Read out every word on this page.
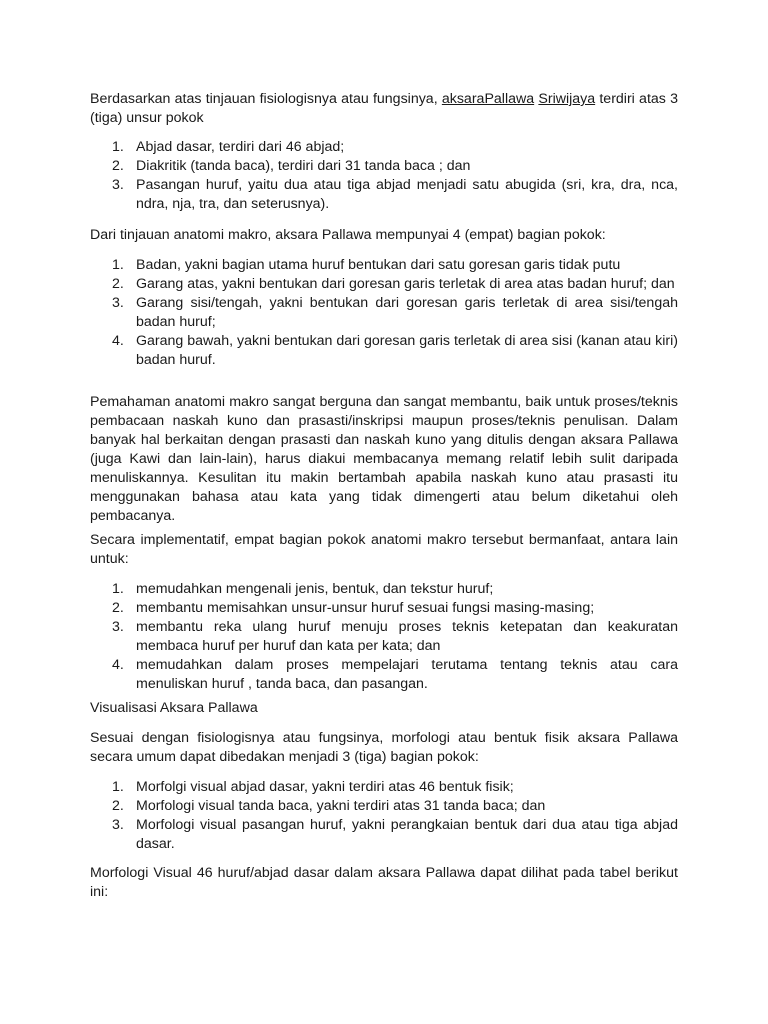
Berdasarkan atas tinjauan fisiologisnya atau fungsinya, aksaraPallawa Sriwijaya terdiri atas 3 (tiga) unsur pokok

1. Abjad dasar, terdiri dari 46 abjad;
2. Diakritik (tanda baca), terdiri dari 31 tanda baca ; dan
3. Pasangan huruf, yaitu dua atau tiga abjad menjadi satu abugida (sri, kra, dra, nca, ndra, nja, tra, dan seterusnya).

Dari tinjauan anatomi makro, aksara Pallawa mempunyai 4 (empat) bagian pokok:

1. Badan, yakni bagian utama huruf bentukan dari satu goresan garis tidak putu
2. Garang atas, yakni bentukan dari goresan garis terletak di area atas badan huruf; dan
3. Garang sisi/tengah, yakni bentukan dari goresan garis terletak di area sisi/tengah badan huruf;
4. Garang bawah, yakni bentukan dari goresan garis terletak di area sisi (kanan atau kiri) badan huruf.

Pemahaman anatomi makro sangat berguna dan sangat membantu, baik untuk proses/teknis pembacaan naskah kuno dan prasasti/inskripsi maupun proses/teknis penulisan. Dalam banyak hal berkaitan dengan prasasti dan naskah kuno yang ditulis dengan aksara Pallawa (juga Kawi dan lain-lain), harus diakui membacanya memang relatif lebih sulit daripada menuliskannya. Kesulitan itu makin bertambah apabila naskah kuno atau prasasti itu menggunakan bahasa atau kata yang tidak dimengerti atau belum diketahui oleh pembacanya.

Secara implementatif, empat bagian pokok anatomi makro tersebut bermanfaat, antara lain untuk:

1. memudahkan mengenali jenis, bentuk, dan tekstur huruf;
2. membantu memisahkan unsur-unsur huruf sesuai fungsi masing-masing;
3. membantu reka ulang huruf menuju proses teknis ketepatan dan keakuratan membaca huruf per huruf dan kata per kata; dan
4. memudahkan dalam proses mempelajari terutama tentang teknis atau cara menuliskan huruf , tanda baca, dan pasangan.

Visualisasi Aksara Pallawa

Sesuai dengan fisiologisnya atau fungsinya, morfologi atau bentuk fisik aksara Pallawa secara umum dapat dibedakan menjadi 3 (tiga) bagian pokok:

1. Morfolgi visual abjad dasar, yakni terdiri atas 46 bentuk fisik;
2. Morfologi visual tanda baca, yakni terdiri atas 31 tanda baca; dan
3. Morfologi visual pasangan huruf, yakni perangkaian bentuk dari dua atau tiga abjad dasar.

Morfologi Visual 46 huruf/abjad dasar dalam aksara Pallawa dapat dilihat pada tabel berikut ini:
